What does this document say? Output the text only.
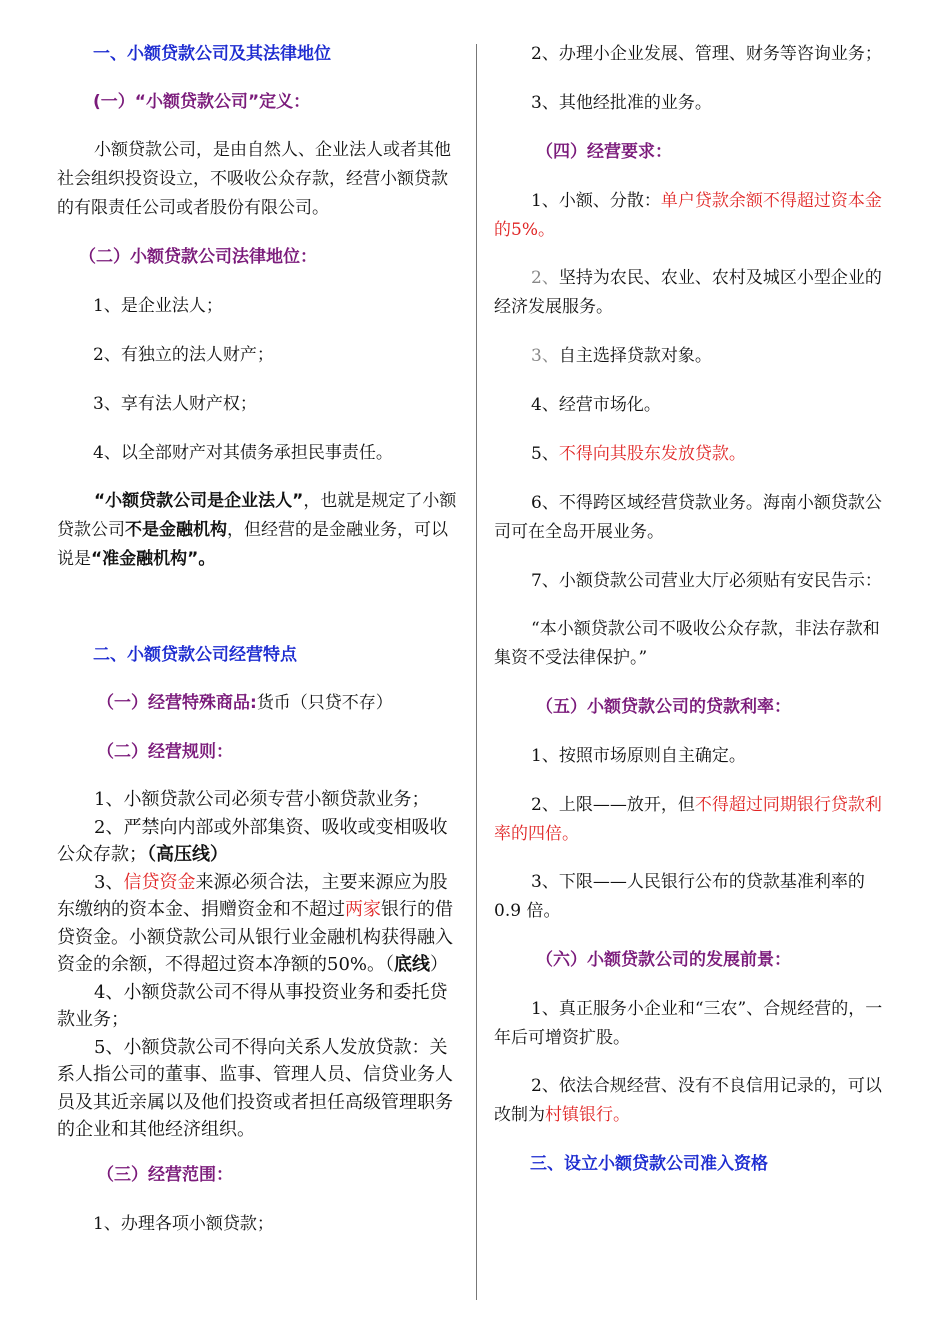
一、小额贷款公司及其法律地位

(一）“小额贷款公司”定义：

小额贷款公司，是由自然人、企业法人或者其他社会组织投资设立，不吸收公众存款，经营小额贷款的有限责任公司或者股份有限公司。

（二）小额贷款公司法律地位：

1、是企业法人；

2、有独立的法人财产；

3、享有法人财产权；

4、以全部财产对其债务承担民事责任。

“小额贷款公司是企业法人”，也就是规定了小额贷款公司不是金融机构，但经营的是金融业务，可以说是“准金融机构”。

二、小额贷款公司经营特点

（一）经营特殊商品:货币（只贷不存）

（二）经营规则：

1、小额贷款公司必须专营小额贷款业务；

2、严禁向内部或外部集资、吸收或变相吸收公众存款；（高压线）

3、信贷资金来源必须合法，主要来源应为股东缴纳的资本金、捐赠资金和不超过两家银行的借贷资金。小额贷款公司从银行业金融机构获得融入资金的余额，不得超过资本净额的50%。（底线）

4、小额贷款公司不得从事投资业务和委托贷款业务；

5、小额贷款公司不得向关系人发放贷款：关系人指公司的董事、监事、管理人员、信贷业务人员及其近亲属以及他们投资或者担任高级管理职务的企业和其他经济组织。

（三）经营范围：

1、办理各项小额贷款；

2、办理小企业发展、管理、财务等咨询业务；

3、其他经批准的业务。

（四）经营要求：

1、小额、分散：单户贷款余额不得超过资本金的5%。

2、坚持为农民、农业、农村及城区小型企业的经济发展服务。

3、自主选择贷款对象。

4、经营市场化。

5、不得向其股东发放贷款。

6、不得跨区域经营贷款业务。海南小额贷款公司可在全岛开展业务。

7、小额贷款公司营业大厅必须贴有安民告示：

“本小额贷款公司不吸收公众存款，非法存款和集资不受法律保护。”

（五）小额贷款公司的贷款利率：

1、按照市场原则自主确定。

2、上限——放开，但不得超过同期银行贷款利率的四倍。

3、下限——人民银行公布的贷款基准利率的 0.9 倍。

（六）小额贷款公司的发展前景：

1、真正服务小企业和“三农”、合规经营的，一年后可增资扩股。

2、依法合规经营、没有不良信用记录的，可以改制为村镇银行。

三、设立小额贷款公司准入资格
